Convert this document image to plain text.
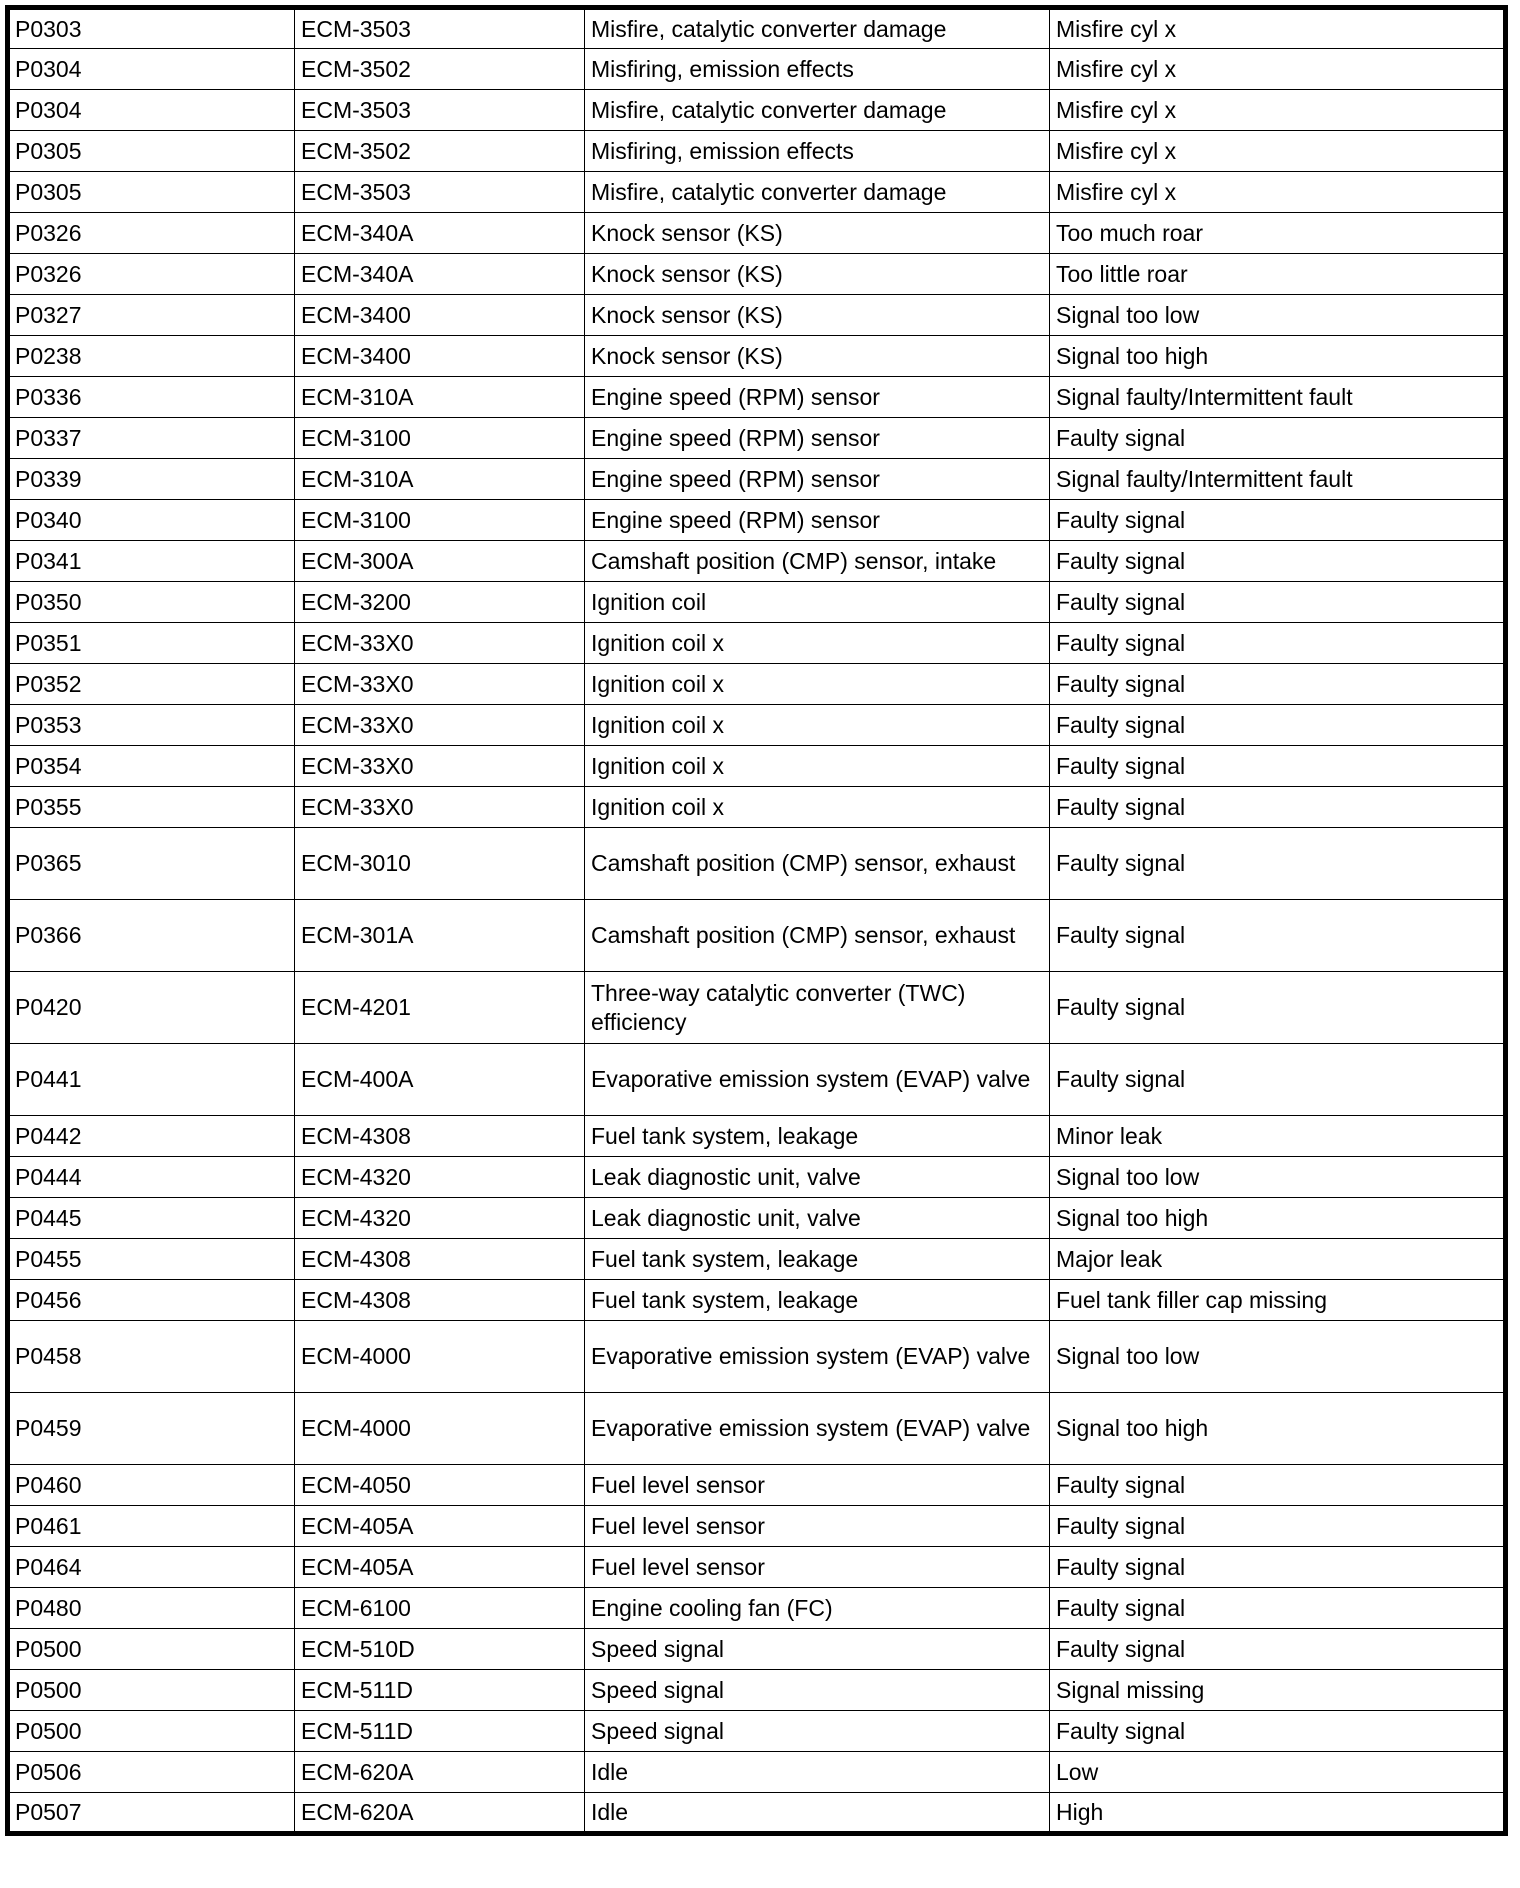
P0303	ECM-3503	Misfire, catalytic converter damage	Misfire cyl x
P0304	ECM-3502	Misfiring, emission effects	Misfire cyl x
P0304	ECM-3503	Misfire, catalytic converter damage	Misfire cyl x
P0305	ECM-3502	Misfiring, emission effects	Misfire cyl x
P0305	ECM-3503	Misfire, catalytic converter damage	Misfire cyl x
P0326	ECM-340A	Knock sensor (KS)	Too much roar
P0326	ECM-340A	Knock sensor (KS)	Too little roar
P0327	ECM-3400	Knock sensor (KS)	Signal too low
P0238	ECM-3400	Knock sensor (KS)	Signal too high
P0336	ECM-310A	Engine speed (RPM) sensor	Signal faulty/Intermittent fault
P0337	ECM-3100	Engine speed (RPM) sensor	Faulty signal
P0339	ECM-310A	Engine speed (RPM) sensor	Signal faulty/Intermittent fault
P0340	ECM-3100	Engine speed (RPM) sensor	Faulty signal
P0341	ECM-300A	Camshaft position (CMP) sensor, intake	Faulty signal
P0350	ECM-3200	Ignition coil	Faulty signal
P0351	ECM-33X0	Ignition coil x	Faulty signal
P0352	ECM-33X0	Ignition coil x	Faulty signal
P0353	ECM-33X0	Ignition coil x	Faulty signal
P0354	ECM-33X0	Ignition coil x	Faulty signal
P0355	ECM-33X0	Ignition coil x	Faulty signal
P0365	ECM-3010	Camshaft position (CMP) sensor, exhaust	Faulty signal
P0366	ECM-301A	Camshaft position (CMP) sensor, exhaust	Faulty signal
P0420	ECM-4201	Three-way catalytic converter (TWC) efficiency	Faulty signal
P0441	ECM-400A	Evaporative emission system (EVAP) valve	Faulty signal
P0442	ECM-4308	Fuel tank system, leakage	Minor leak
P0444	ECM-4320	Leak diagnostic unit, valve	Signal too low
P0445	ECM-4320	Leak diagnostic unit, valve	Signal too high
P0455	ECM-4308	Fuel tank system, leakage	Major leak
P0456	ECM-4308	Fuel tank system, leakage	Fuel tank filler cap missing
P0458	ECM-4000	Evaporative emission system (EVAP) valve	Signal too low
P0459	ECM-4000	Evaporative emission system (EVAP) valve	Signal too high
P0460	ECM-4050	Fuel level sensor	Faulty signal
P0461	ECM-405A	Fuel level sensor	Faulty signal
P0464	ECM-405A	Fuel level sensor	Faulty signal
P0480	ECM-6100	Engine cooling fan (FC)	Faulty signal
P0500	ECM-510D	Speed signal	Faulty signal
P0500	ECM-511D	Speed signal	Signal missing
P0500	ECM-511D	Speed signal	Faulty signal
P0506	ECM-620A	Idle	Low
P0507	ECM-620A	Idle	High
